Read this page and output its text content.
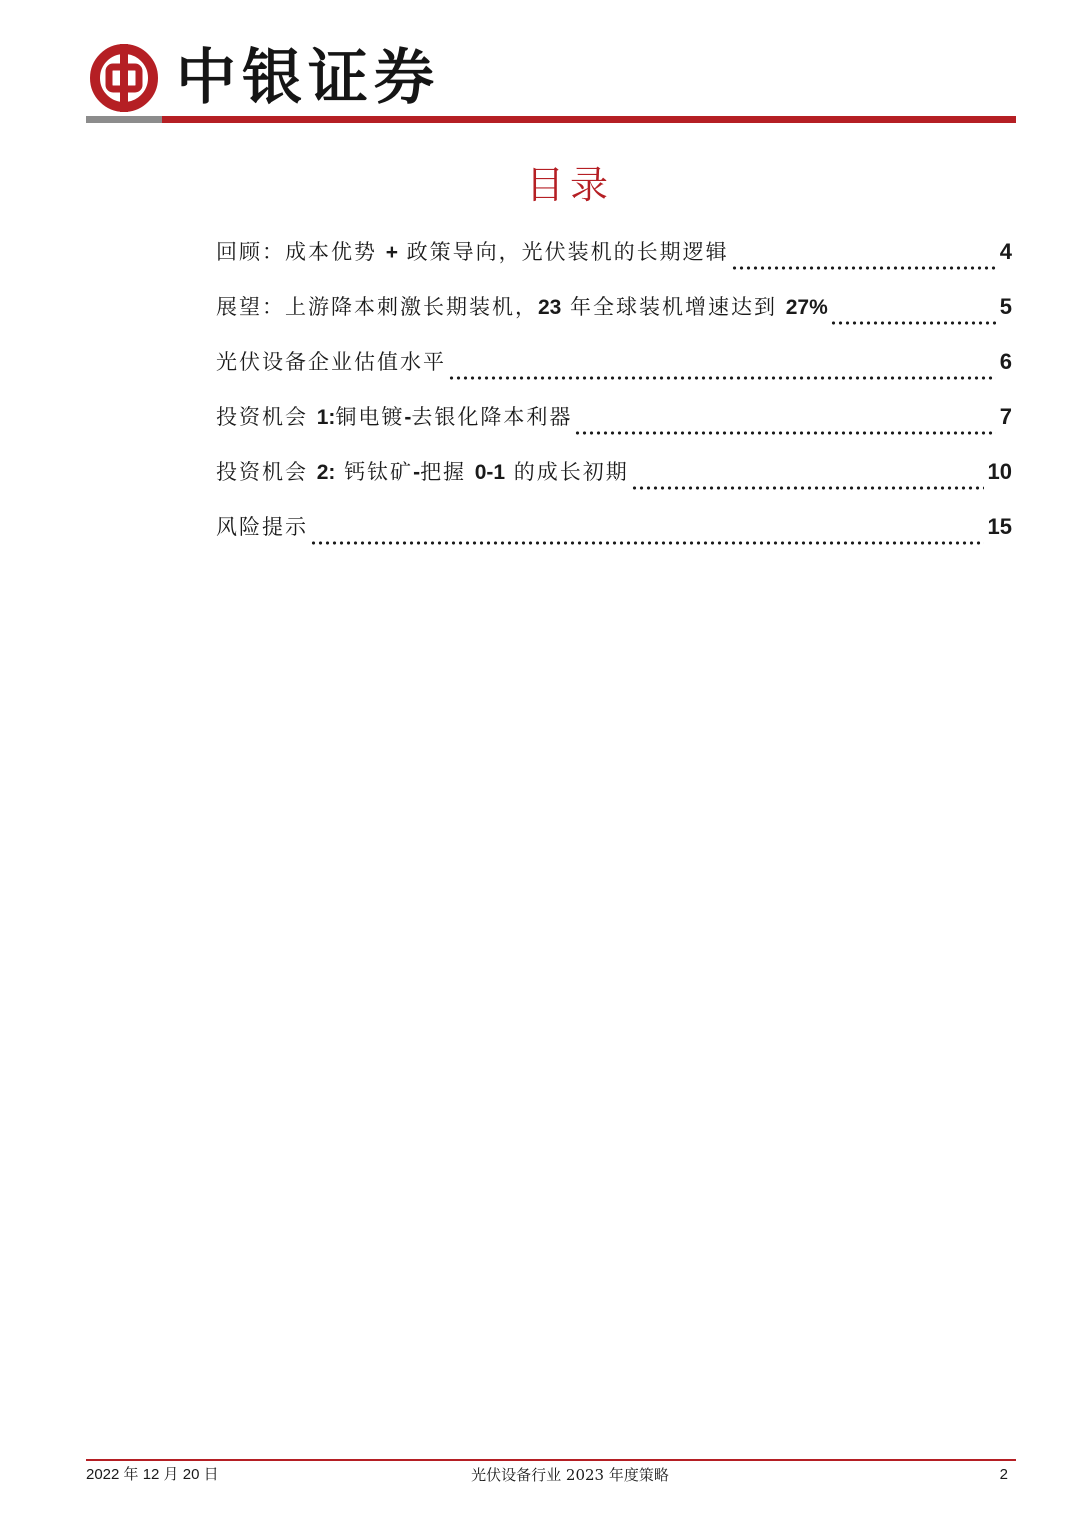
中银证券
目录
回顾：成本优势 + 政策导向，光伏装机的长期逻辑	4
展望：上游降本刺激长期装机，23 年全球装机增速达到 27%	5
光伏设备企业估值水平	6
投资机会 1:铜电镀-去银化降本利器	7
投资机会 2: 钙钛矿-把握 0-1 的成长初期	10
风险提示	15
2022 年 12 月 20 日	光伏设备行业 2023 年度策略	2
